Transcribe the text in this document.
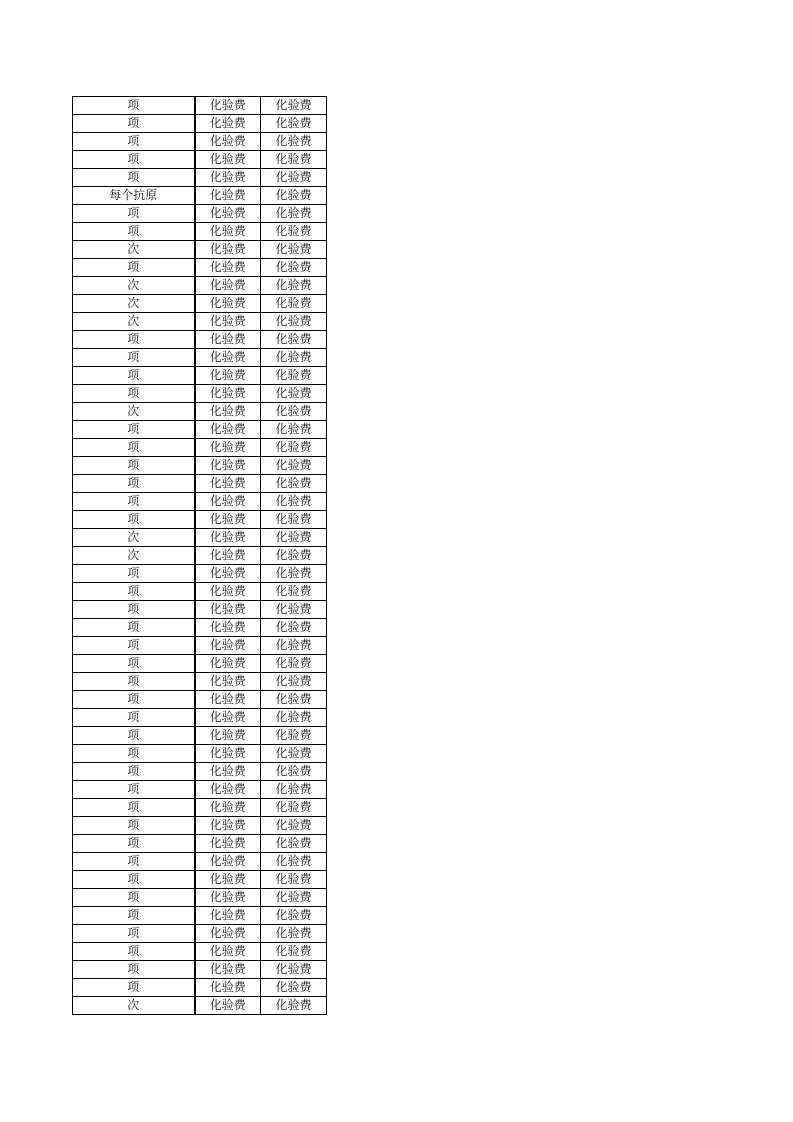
项	化验费	化验费
项	化验费	化验费
项	化验费	化验费
项	化验费	化验费
项	化验费	化验费
每个抗原	化验费	化验费
项	化验费	化验费
项	化验费	化验费
次	化验费	化验费
项	化验费	化验费
次	化验费	化验费
次	化验费	化验费
次	化验费	化验费
项	化验费	化验费
项	化验费	化验费
项	化验费	化验费
项	化验费	化验费
次	化验费	化验费
项	化验费	化验费
项	化验费	化验费
项	化验费	化验费
项	化验费	化验费
项	化验费	化验费
项	化验费	化验费
次	化验费	化验费
次	化验费	化验费
项	化验费	化验费
项	化验费	化验费
项	化验费	化验费
项	化验费	化验费
项	化验费	化验费
项	化验费	化验费
项	化验费	化验费
项	化验费	化验费
项	化验费	化验费
项	化验费	化验费
项	化验费	化验费
项	化验费	化验费
项	化验费	化验费
项	化验费	化验费
项	化验费	化验费
项	化验费	化验费
项	化验费	化验费
项	化验费	化验费
项	化验费	化验费
项	化验费	化验费
项	化验费	化验费
项	化验费	化验费
项	化验费	化验费
项	化验费	化验费
次	化验费	化验费
